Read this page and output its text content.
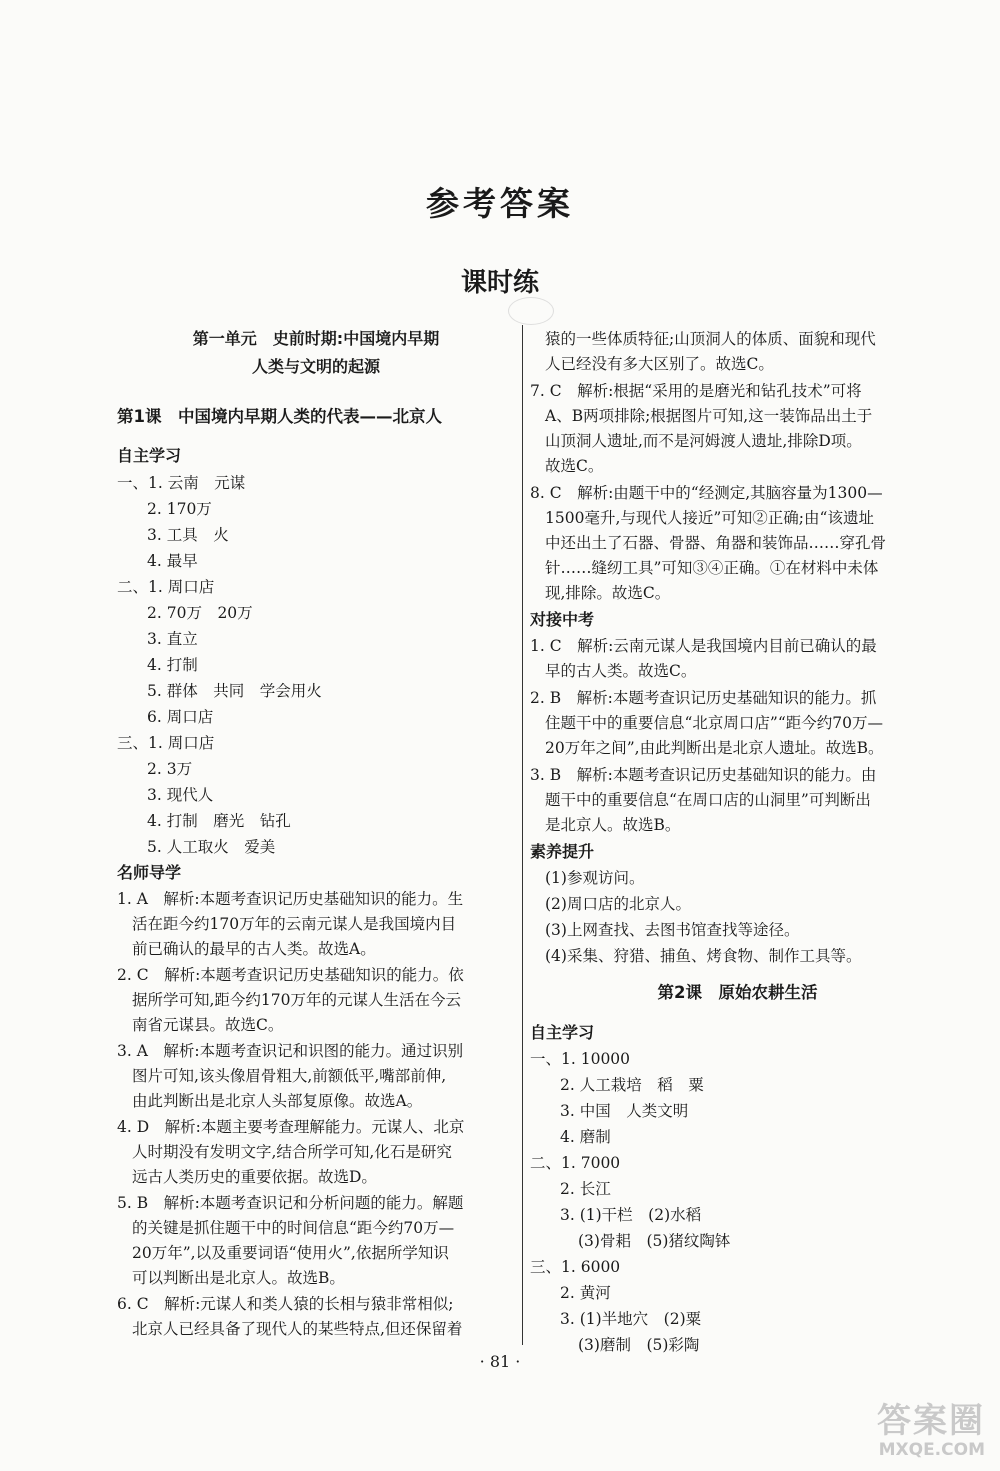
参考答案
课时练
第一单元　史前时期:中国境内早期
人类与文明的起源
第1课　中国境内早期人类的代表——北京人
自主学习
一、1. 云南　元谋
2. 170万
3. 工具　火
4. 最早
二、1. 周口店
2. 70万　20万
3. 直立
4. 打制
5. 群体　共同　学会用火
6. 周口店
三、1. 周口店
2. 3万
3. 现代人
4. 打制　磨光　钻孔
5. 人工取火　爱美
名师导学
1. A　解析:本题考查识记历史基础知识的能力。生
活在距今约170万年的云南元谋人是我国境内目
前已确认的最早的古人类。故选A。
2. C　解析:本题考查识记历史基础知识的能力。依
据所学可知,距今约170万年的元谋人生活在今云
南省元谋县。故选C。
3. A　解析:本题考查识记和识图的能力。通过识别
图片可知,该头像眉骨粗大,前额低平,嘴部前伸,
由此判断出是北京人头部复原像。故选A。
4. D　解析:本题主要考查理解能力。元谋人、北京
人时期没有发明文字,结合所学可知,化石是研究
远古人类历史的重要依据。故选D。
5. B　解析:本题考查识记和分析问题的能力。解题
的关键是抓住题干中的时间信息“距今约70万—
20万年”,以及重要词语“使用火”,依据所学知识
可以判断出是北京人。故选B。
6. C　解析:元谋人和类人猿的长相与猿非常相似;
北京人已经具备了现代人的某些特点,但还保留着
猿的一些体质特征;山顶洞人的体质、面貌和现代
人已经没有多大区别了。故选C。
7. C　解析:根据“采用的是磨光和钻孔技术”可将
A、B两项排除;根据图片可知,这一装饰品出土于
山顶洞人遗址,而不是河姆渡人遗址,排除D项。
故选C。
8. C　解析:由题干中的“经测定,其脑容量为1300—
1500毫升,与现代人接近”可知②正确;由“该遗址
中还出土了石器、骨器、角器和装饰品……穿孔骨
针……缝纫工具”可知③④正确。①在材料中未体
现,排除。故选C。
对接中考
1. C　解析:云南元谋人是我国境内目前已确认的最
早的古人类。故选C。
2. B　解析:本题考查识记历史基础知识的能力。抓
住题干中的重要信息“北京周口店”“距今约70万—
20万年之间”,由此判断出是北京人遗址。故选B。
3. B　解析:本题考查识记历史基础知识的能力。由
题干中的重要信息“在周口店的山洞里”可判断出
是北京人。故选B。
素养提升
(1)参观访问。
(2)周口店的北京人。
(3)上网查找、去图书馆查找等途径。
(4)采集、狩猎、捕鱼、烤食物、制作工具等。
第2课　原始农耕生活
自主学习
一、1. 10000
2. 人工栽培　稻　粟
3. 中国　人类文明
4. 磨制
二、1. 7000
2. 长江
3. (1)干栏　(2)水稻
(3)骨耜　(5)猪纹陶钵
三、1. 6000
2. 黄河
3. (1)半地穴　(2)粟
(3)磨制　(5)彩陶
· 81 ·
答案圈
MXQE.COM
